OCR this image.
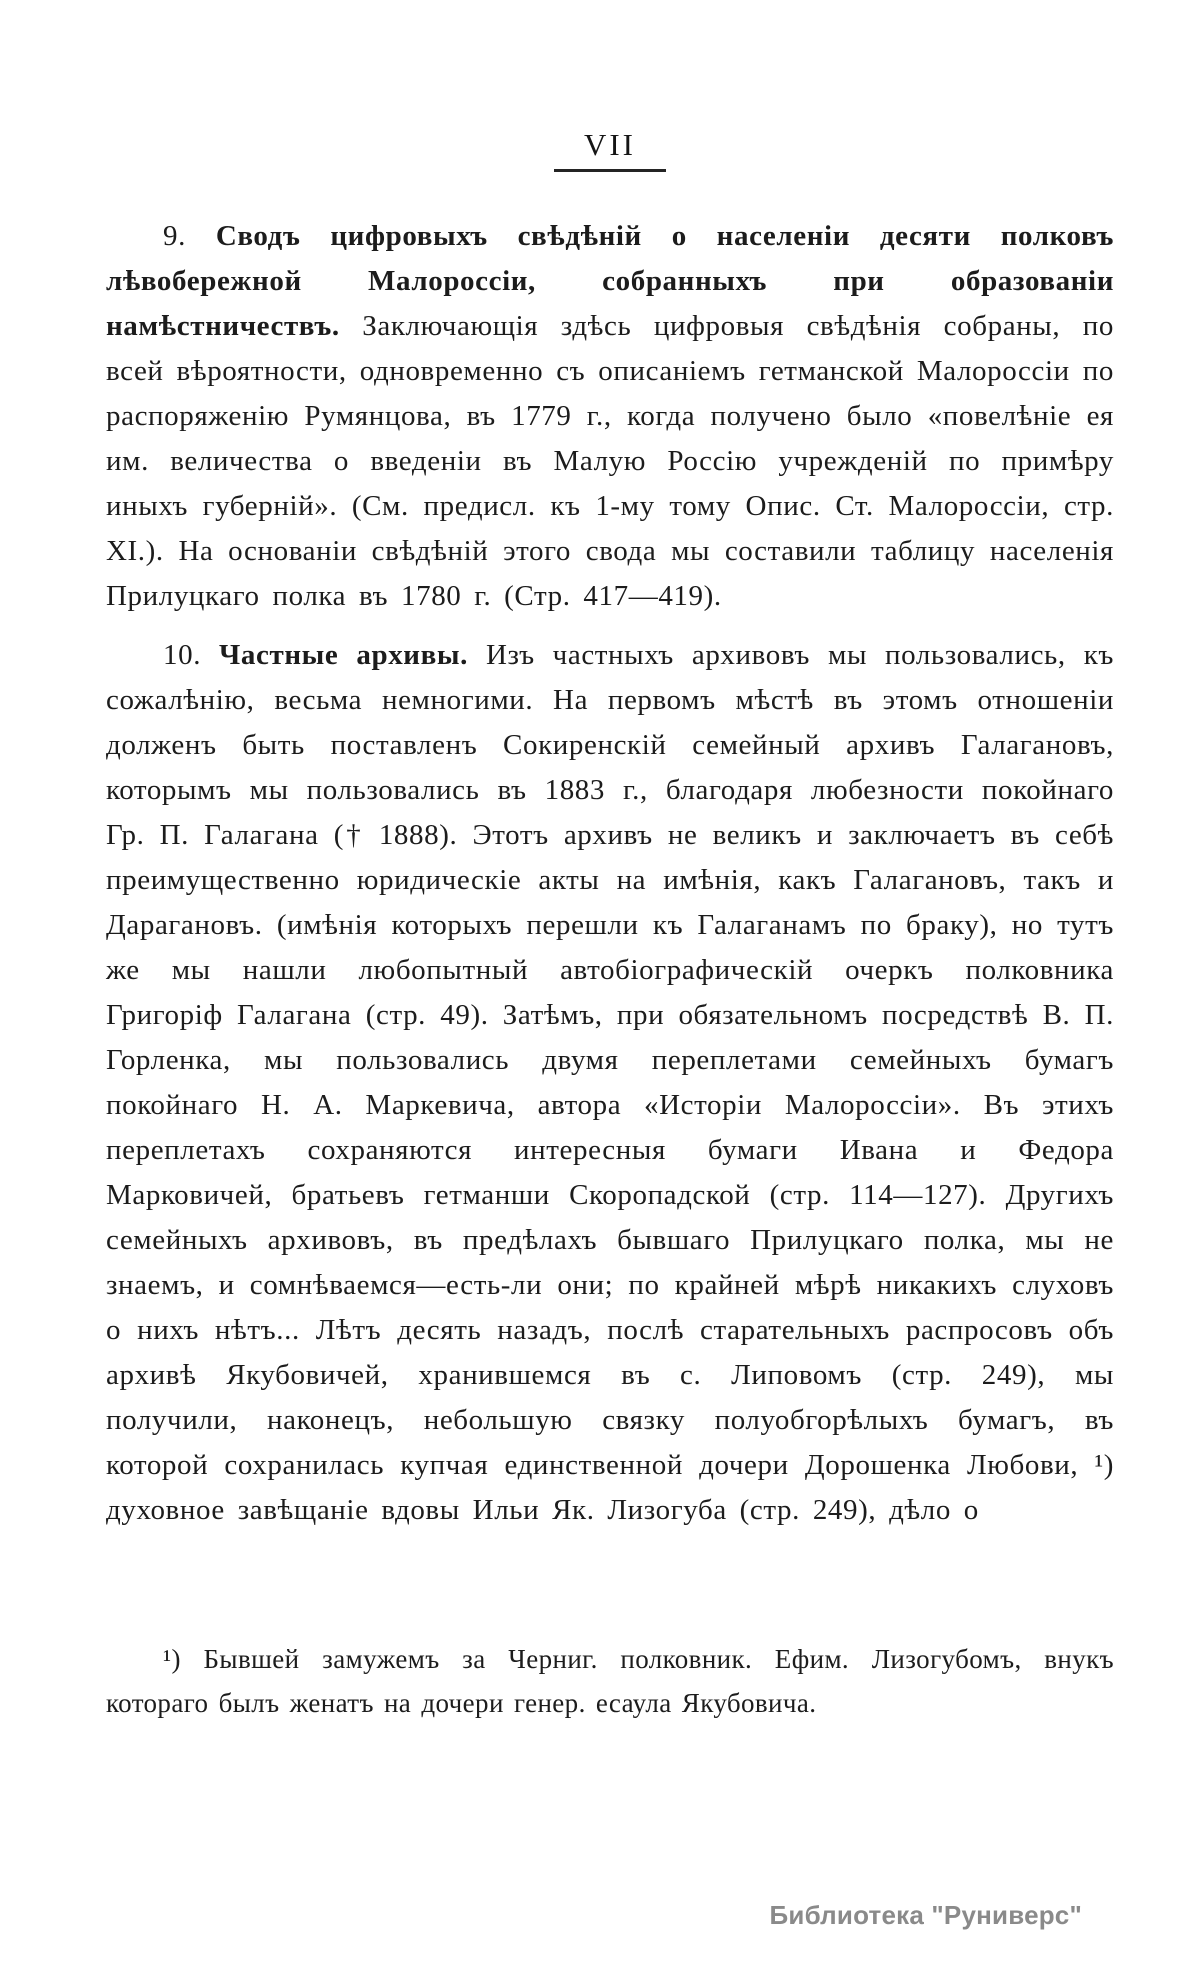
VII

9. Сводъ цифровыхъ свѣдѣній о населеніи десяти полковъ лѣвобережной Малороссіи, собранныхъ при образованіи намѣстничествъ. Заключающія здѣсь цифровыя свѣдѣнія собраны, по всей вѣроятности, одновременно съ описаніемъ гетманской Малороссіи по распоряженію Румянцова, въ 1779 г., когда получено было «повелѣніе ея им. величества о введеніи въ Малую Россію учрежденій по примѣру иныхъ губерній». (См. предисл. къ 1-му тому Опис. Ст. Малороссіи, стр. XI.). На основаніи свѣдѣній этого свода мы составили таблицу населенія Прилуцкаго полка въ 1780 г. (Стр. 417—419).

10. Частные архивы. Изъ частныхъ архивовъ мы пользовались, къ сожалѣнію, весьма немногими. На первомъ мѣстѣ въ этомъ отношеніи долженъ быть поставленъ Сокиренскій семейный архивъ Галагановъ, которымъ мы пользовались въ 1883 г., благодаря любезности покойнаго Гр. П. Галагана († 1888). Этотъ архивъ не великъ и заключаетъ въ себѣ преимущественно юридическіе акты на имѣнія, какъ Галагановъ, такъ и Дарагановъ. (имѣнія которыхъ перешли къ Галаганамъ по браку), но тутъ же мы нашли любопытный автобіографическій очеркъ полковника Григоріф Галагана (стр. 49). Затѣмъ, при обязательномъ посредствѣ В. П. Горленка, мы пользовались двумя переплетами семейныхъ бумагъ покойнаго Н. А. Маркевича, автора «Исторіи Малороссіи». Въ этихъ переплетахъ сохраняются интересныя бумаги Ивана и Федора Марковичей, братьевъ гетманши Скоропадской (стр. 114—127). Другихъ семейныхъ архивовъ, въ предѣлахъ бывшаго Прилуцкаго полка, мы не знаемъ, и сомнѣваемся—есть-ли они; по крайней мѣрѣ никакихъ слуховъ о нихъ нѣтъ... Лѣтъ десять назадъ, послѣ старательныхъ распросовъ объ архивѣ Якубовичей, хранившемся въ с. Липовомъ (стр. 249), мы получили, наконецъ, небольшую связку полуобгорѣлыхъ бумагъ, въ которой сохранилась купчая единственной дочери Дорошенка Любови, ¹) духовное завѣщаніе вдовы Ильи Як. Лизогуба (стр. 249), дѣло о

¹) Бывшей замужемъ за Черниг. полковник. Ефим. Лизогубомъ, внукъ котораго былъ женатъ на дочери генер. есаула Якубовича.
Библиотека "Руниверс"
